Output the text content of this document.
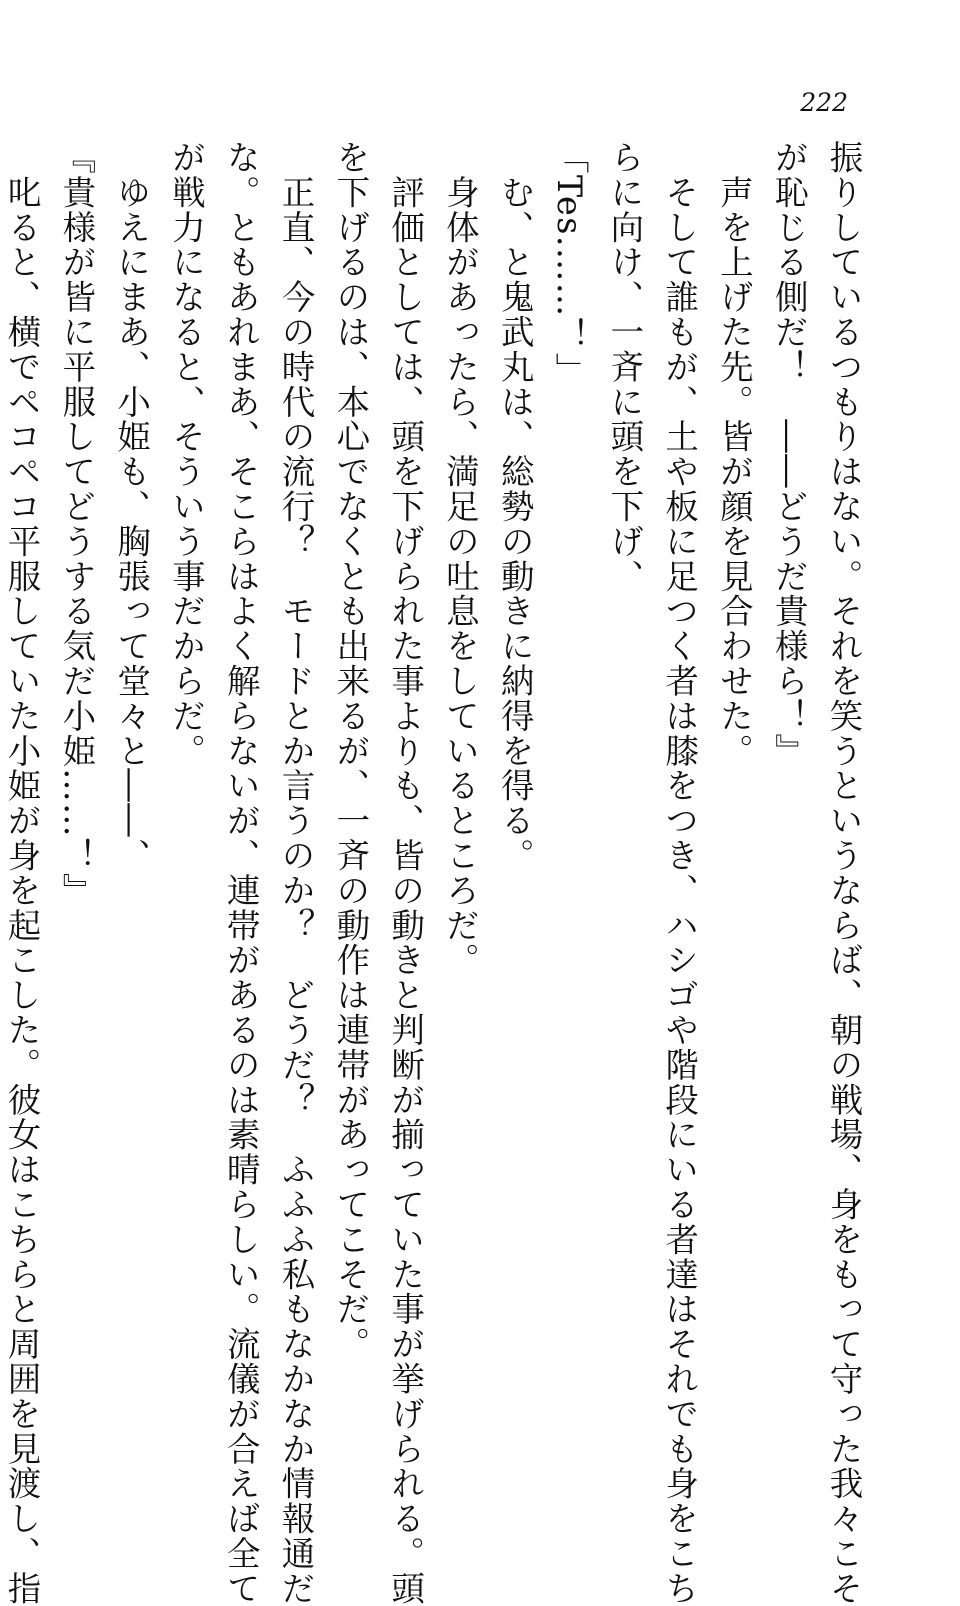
222
振りしているつもりはない。それを笑うというならば、朝の戦場、身をもって守った我々こそ
が恥じる側だ！　――どうだ貴様ら！』
　声を上げた先。皆が顔を見合わせた。
　そして誰もが、土や板に足つく者は膝をつき、ハシゴや階段にいる者達はそれでも身をこち
らに向け、一斉に頭を下げ、
「Tes.……！」
　む、と鬼武丸は、総勢の動きに納得を得る。
　身体があったら、満足の吐息をしているところだ。
　評価としては、頭を下げられた事よりも、皆の動きと判断が揃っていた事が挙げられる。頭
を下げるのは、本心でなくとも出来るが、一斉の動作は連帯があってこそだ。
　正直、今の時代の流行？　モードとか言うのか？　どうだ？　ふふふ私もなかなか情報通だ
な。ともあれまあ、そこらはよく解らないが、連帯があるのは素晴らしい。流儀が合えば全て
が戦力になると、そういう事だからだ。
　ゆえにまあ、小姫も、胸張って堂々と――、
『貴様が皆に平服してどうする気だ小姫……！』
　叱ると、横でペコペコ平服していた小姫が身を起こした。彼女はこちらと周囲を見渡し、指
